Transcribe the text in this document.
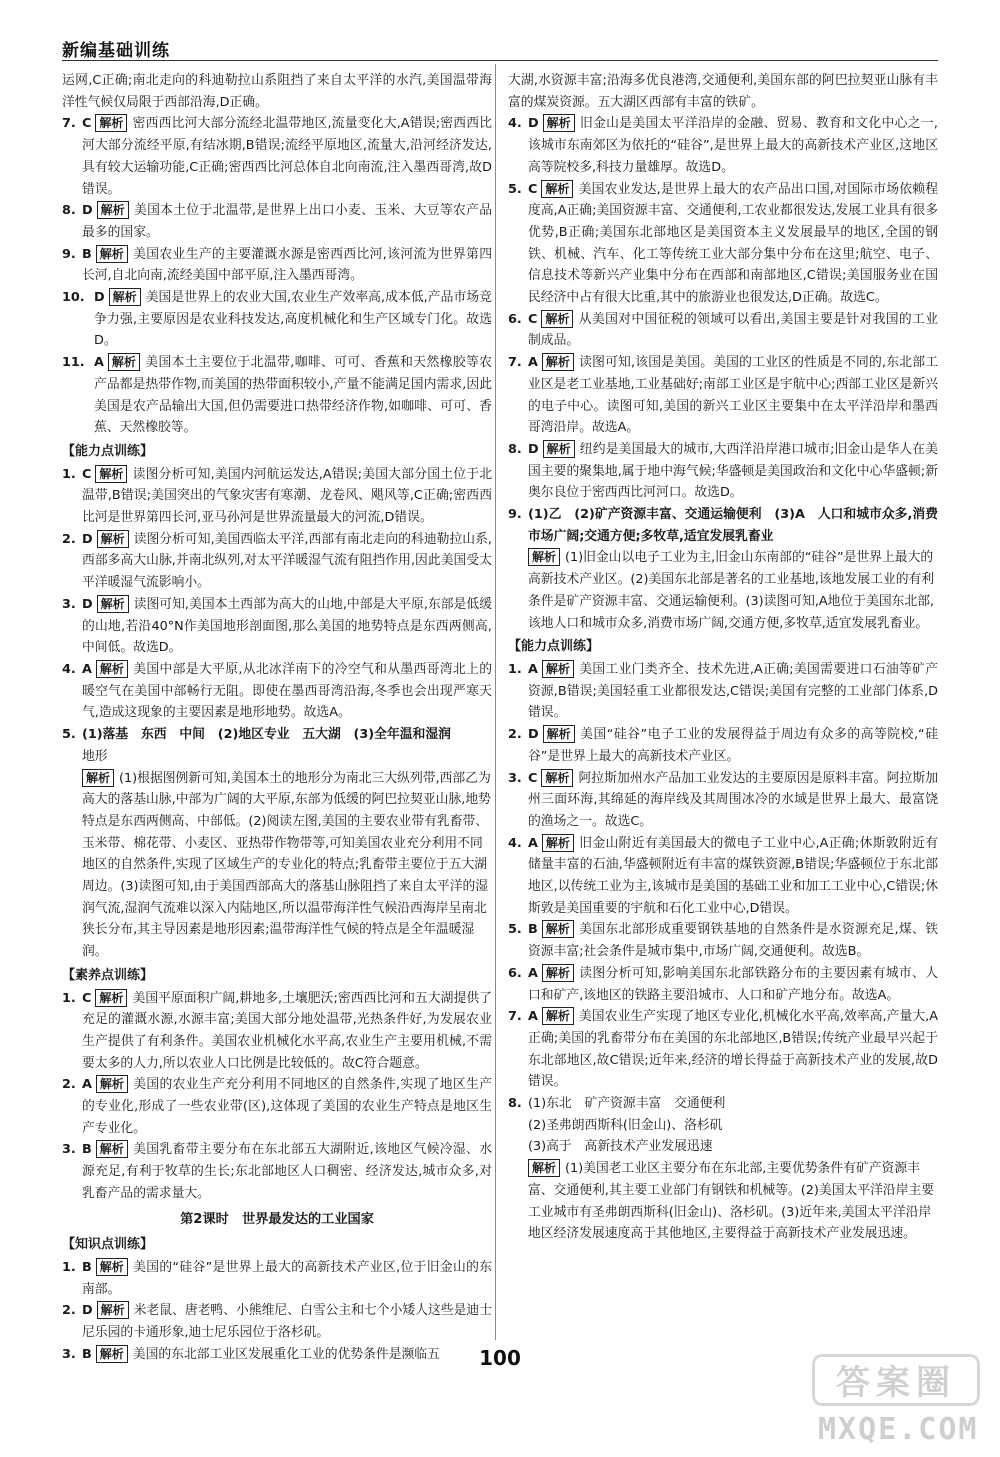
新编基础训练

运网,C正确;南北走向的科迪勒拉山系阻挡了来自太平洋的水汽,美国温带海洋性气候仅局限于西部沿海,D正确。

7. C 解析 密西西比河大部分流经北温带地区,流量变化大,A错误;密西西比河大部分流经平原,有结冰期,B错误;流经平原地区,流量大,沿河经济发达,具有较大运输功能,C正确;密西西比河总体自北向南流,注入墨西哥湾,故D错误。

8. D 解析 美国本土位于北温带,是世界上出口小麦、玉米、大豆等农产品最多的国家。

9. B 解析 美国农业生产的主要灌溉水源是密西西比河,该河流为世界第四长河,自北向南,流经美国中部平原,注入墨西哥湾。

10. D 解析 美国是世界上的农业大国,农业生产效率高,成本低,产品市场竞争力强,主要原因是农业科技发达,高度机械化和生产区域专门化。故选D。

11. A 解析 美国本土主要位于北温带,咖啡、可可、香蕉和天然橡胶等农产品都是热带作物,而美国的热带面积较小,产量不能满足国内需求,因此美国是农产品输出大国,但仍需要进口热带经济作物,如咖啡、可可、香蕉、天然橡胶等。

【能力点训练】

1. C 解析 读图分析可知,美国内河航运发达,A错误;美国大部分国土位于北温带,B错误;美国突出的气象灾害有寒潮、龙卷风、飓风等,C正确;密西西比河是世界第四长河,亚马孙河是世界流量最大的河流,D错误。

2. D 解析 读图分析可知,美国西临太平洋,西部有南北走向的科迪勒拉山系,西部多高大山脉,并南北纵列,对太平洋暖湿气流有阻挡作用,因此美国受太平洋暖湿气流影响小。

3. D 解析 读图可知,美国本土西部为高大的山地,中部是大平原,东部是低缓的山地,若沿40°N作美国地形剖面图,那么美国的地势特点是东西两侧高,中间低。故选D。

4. A 解析 美国中部是大平原,从北冰洋南下的冷空气和从墨西哥湾北上的暖空气在美国中部畅行无阻。即使在墨西哥湾沿海,冬季也会出现严寒天气,造成这现象的主要因素是地形地势。故选A。

5. (1)落基　东西　中间　(2)地区专业　五大湖　(3)全年温和湿润

地形

解析 (1)根据图例新可知,美国本土的地形分为南北三大纵列带,西部乙为高大的落基山脉,中部为广阔的大平原,东部为低缓的阿巴拉契亚山脉,地势特点是东西两侧高、中部低。(2)阅读左图,美国的主要农业带有乳畜带、玉米带、棉花带、小麦区、亚热带作物带等,可知美国农业充分利用不同地区的自然条件,实现了区域生产的专业化的特点;乳畜带主要位于五大湖周边。(3)读图可知,由于美国西部高大的落基山脉阻挡了来自太平洋的湿润气流,湿润气流难以深入内陆地区,所以温带海洋性气候沿西海岸呈南北狭长分布,其主导因素是地形因素;温带海洋性气候的特点是全年温暖湿润。

【素养点训练】

1. C 解析 美国平原面积广阔,耕地多,土壤肥沃;密西西比河和五大湖提供了充足的灌溉水源,水源丰富;美国大部分地处温带,光热条件好,为发展农业生产提供了有利条件。美国农业机械化水平高,农业生产主要用机械,不需要太多的人力,所以农业人口比例是比较低的。故C符合题意。

2. A 解析 美国的农业生产充分利用不同地区的自然条件,实现了地区生产的专业化,形成了一些农业带(区),这体现了美国的农业生产特点是地区生产专业化。

3. B 解析 美国乳畜带主要分布在东北部五大湖附近,该地区气候冷湿、水源充足,有利于牧草的生长;东北部地区人口稠密、经济发达,城市众多,对乳畜产品的需求量大。

第2课时　世界最发达的工业国家
【知识点训练】

1. B 解析 美国的“硅谷”是世界上最大的高新技术产业区,位于旧金山的东南部。

2. D 解析 米老鼠、唐老鸭、小熊维尼、白雪公主和七个小矮人这些是迪士尼乐园的卡通形象,迪士尼乐园位于洛杉矶。

3. B 解析 美国的东北部工业区发展重化工业的优势条件是濒临五

大湖,水资源丰富;沿海多优良港湾,交通便利,美国东部的阿巴拉契亚山脉有丰富的煤炭资源。五大湖区西部有丰富的铁矿。

4. D 解析 旧金山是美国太平洋沿岸的金融、贸易、教育和文化中心之一,该城市东南郊区为依托的“硅谷”,是世界上最大的高新技术产业区,这地区高等院校多,科技力量雄厚。故选D。

5. C 解析 美国农业发达,是世界上最大的农产品出口国,对国际市场依赖程度高,A正确;美国资源丰富、交通便利,工农业都很发达,发展工业具有很多优势,B正确;美国东北部地区是美国资本主义发展最早的地区,全国的钢铁、机械、汽车、化工等传统工业大部分集中分布在这里;航空、电子、信息技术等新兴产业集中分布在西部和南部地区,C错误;美国服务业在国民经济中占有很大比重,其中的旅游业也很发达,D正确。故选C。

6. C 解析 从美国对中国征税的领域可以看出,美国主要是针对我国的工业制成品。

7. A 解析 读图可知,该国是美国。美国的工业区的性质是不同的,东北部工业区是老工业基地,工业基础好;南部工业区是宇航中心;西部工业区是新兴的电子中心。读图可知,美国的新兴工业区主要集中在太平洋沿岸和墨西哥湾沿岸。故选A。

8. D 解析 纽约是美国最大的城市,大西洋沿岸港口城市;旧金山是华人在美国主要的聚集地,属于地中海气候;华盛顿是美国政治和文化中心华盛顿;新奥尔良位于密西西比河河口。故选D。

9. (1)乙　(2)矿产资源丰富、交通运输便利　(3)A　人口和城市众多,消费市场广阔;交通方便;多牧草,适宜发展乳畜业

解析 (1)旧金山以电子工业为主,旧金山东南部的“硅谷”是世界上最大的高新技术产业区。(2)美国东北部是著名的工业基地,该地发展工业的有利条件是矿产资源丰富、交通运输便利。(3)读图可知,A地位于美国东北部,该地人口和城市众多,消费市场广阔,交通方便,多牧草,适宜发展乳畜业。

【能力点训练】

1. A 解析 美国工业门类齐全、技术先进,A正确;美国需要进口石油等矿产资源,B错误;美国轻重工业都很发达,C错误;美国有完整的工业部门体系,D错误。

2. D 解析 美国“硅谷”电子工业的发展得益于周边有众多的高等院校,“硅谷”是世界上最大的高新技术产业区。

3. C 解析 阿拉斯加州水产品加工业发达的主要原因是原料丰富。阿拉斯加州三面环海,其绵延的海岸线及其周围冰冷的水域是世界上最大、最富饶的渔场之一。故选C。

4. A 解析 旧金山附近有美国最大的微电子工业中心,A正确;休斯敦附近有储量丰富的石油,华盛顿附近有丰富的煤铁资源,B错误;华盛顿位于东北部地区,以传统工业为主,该城市是美国的基础工业和加工工业中心,C错误;休斯敦是美国重要的宇航和石化工业中心,D错误。

5. B 解析 美国东北部形成重要钢铁基地的自然条件是水资源充足,煤、铁资源丰富;社会条件是城市集中,市场广阔,交通便利。故选B。

6. A 解析 读图分析可知,影响美国东北部铁路分布的主要因素有城市、人口和矿产,该地区的铁路主要沿城市、人口和矿产地分布。故选A。

7. A 解析 美国农业生产实现了地区专业化,机械化水平高,效率高,产量大,A正确;美国的乳畜带分布在美国的东北部地区,B错误;传统产业最早兴起于东北部地区,故C错误;近年来,经济的增长得益于高新技术产业的发展,故D错误。

8. (1)东北　矿产资源丰富　交通便利

(2)圣弗朗西斯科(旧金山)、洛杉矶

(3)高于　高新技术产业发展迅速

解析 (1)美国老工业区主要分布在东北部,主要优势条件有矿产资源丰富、交通便利,其主要工业部门有钢铁和机械等。(2)美国太平洋沿岸主要工业城市有圣弗朗西斯科(旧金山)、洛杉矶。(3)近年来,美国太平洋沿岸地区经济发展速度高于其他地区,主要得益于高新技术产业发展迅速。

100
答案圈
MXQE.COM
